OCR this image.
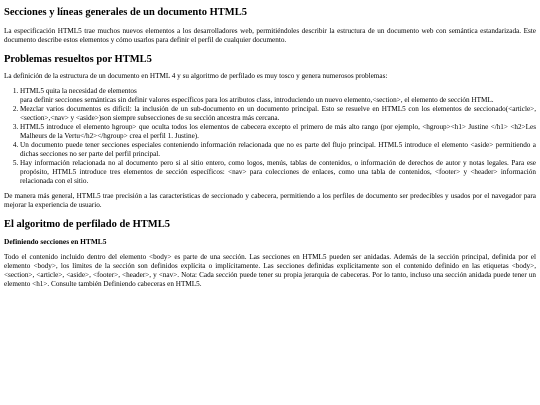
Secciones y líneas generales de un documento HTML5

La especificación HTML5 trae muchos nuevos elementos a los desarrolladores web, permitiéndoles describir la estructura de un documento web con semántica estandarizada. Este documento describe estos elementos y cómo usarlos para definir el perfil de cualquier documento.

Problemas resueltos por HTML5

La definición de la estructura de un documento en HTML 4 y su algoritmo de perfilado es muy tosco y genera numerosos problemas:

1. HTML5 quita la necesidad de elementos
para definir secciones semánticas sin definir valores específicos para los atributos class, introduciendo un nuevo elemento,<section>, el elemento de sección HTML.
2. Mezclar varios documentos es difícil: la inclusión de un sub-documento en un documento principal. Esto se resuelve en HTML5 con los elementos de seccionado(<article>,<section>,<nav> y <aside>)son siempre subsecciones de su sección ancestra más cercana.
3. HTML5 introduce el elemento hgroup> que oculta todos los elementos de cabecera excepto el primero de más alto rango (por ejemplo, <hgroup><h1> Justine </h1> <h2>Les Malheurs de la Vertu</h2></hgroup> crea el perfil 1. Justine).
4. Un documento puede tener secciones especiales conteniendo información relacionada que no es parte del flujo principal. HTML5 introduce el elemento <aside> permitiendo a dichas secciones no ser parte del perfil principal.
5. Hay información relacionada no al documento pero si al sitio entero, como logos, menús, tablas de contenidos, o información de derechos de autor y notas legales. Para ese propósito, HTML5 introduce tres elementos de sección específicos: <nav> para colecciones de enlaces, como una tabla de contenidos, <footer> y <header> información relacionada con el sitio.

De manera más general, HTML5 trae precisión a las características de seccionado y cabecera, permitiendo a los perfiles de documento ser predecibles y usados por el navegador para mejorar la experiencia de usuario.

El algoritmo de perfilado de HTML5
Definiendo secciones en HTML5

Todo el contenido incluido dentro del elemento <body> es parte de una sección. Las secciones en HTML5 pueden ser anidadas. Además de la sección principal, definida por el elemento <body>, los límites de la sección son definidos explícita o implícitamente. Las secciones definidas explícitamente son el contenido definido en las etiquetas <body>, <section>, <article>, <aside>, <footer>, <header>, y <nav>. Nota: Cada sección puede tener su propia jerarquía de cabeceras. Por lo tanto, incluso una sección anidada puede tener un elemento <h1>. Consulte también Definiendo cabeceras en HTML5.
